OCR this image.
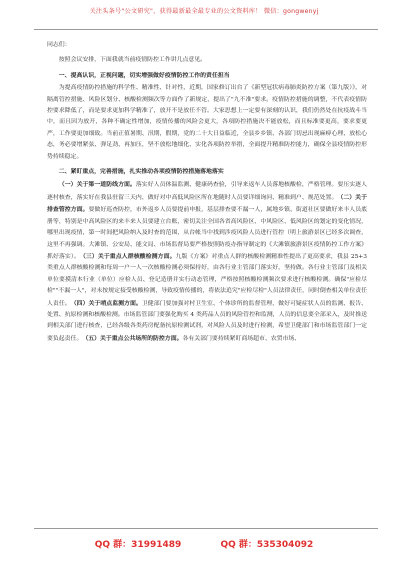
关注头条号"公文研究"，获得最新最全最专业的公文资料库！ 微信：gongwenyj

同志们：

按照会议安排，下面我就当前疫情防控工作讲几点意见。

一、提高认识，正视问题，切实增强做好疫情防控工作的责任担当

为提高疫情防控措施的科学性、精准性、针对性，近期，国家修订出台了《新型冠状病毒肺炎防控方案（第九版）》，对隔离管控措施、风险区划分、核酸检测频次等方面作了新规定，提出了"九不准"要求。疫情防控措施的调整，不代表疫情防控要求降低了，而是要求更加科学精准了，放开不是放任不管。大家思想上一定要有深刻的认识，我们仍然处在抗疫战斗当中，而且因为放开，各种不确定性增加，疫情传播的风险会更大，各项防控措施决不能放松，而且标准要更高，要求要更严，工作要更加细致。当前正值暑期、汛期，假期，党的二十大日益临近，全县乡乡镇、各部门切忌出现麻痹心理、放松心态，务必要增紧弦、弹足劲、再加压，坚不放松地细化、实化各项防控举措，全面提升精准防控能力，确保全县疫情防控形势持续稳定。

二、紧盯重点，完善措施，扎实推动各项疫情防控措施落地落实

（一）关于第一道防线方面。落实好人员体温监测、健康码查验，引导来返车人员落地核酸检，严格管理。要压实逐人逐村核查，落实好在我县驻留三天内，做好对中高低风险区所在地随时人员要详细询问、精准到户、规范处置。（二）关于排查管控方面。要做好巡查防控，市外返乡人员要提前申报，基层排查要不漏一人，属地乡镇、街道社区要做好来丰人员底册等，特别是中高风险区的来丰来人员要建立台账，密切关注全国各省高风险区、中风险区、低风险区的划定的变化情况，哪里出现疫情，第一时间把风险纳入及时查的范围，从台帐当中找到涉疫风险人员进行管控（明上旅游景区已经多次调查，这里不再强调。大滩镇、公安局、能文局、市场监督局要严格按照防疫办指导制定的《大滩镇旅游景区疫情防控工作方案》抓好落实）。（三）关于重点人群核酸检测方面。九版《方案》对重点人群的核酸检测精准性提出了更高要求，我县 25+3 类重点人群核酸检测和每周一户一人一次核酸检测必须保持好，由各行业主管部门落实好，坚持做。各行业主管部门及相关单位要摸清本行业（单位）应检人员、登记造册并实行动态管理，严格按照核酸检测频次要求进行核酸检测。确保"应检尽检""不漏一人"，对未按规定接受核酸检测，导致疫情传播的，将依法追究"应检尽检"人员法律责任，同时倒查相关单位责任人责任。（四）关于哨点监测方面。卫健部门要加强对村卫生室、个体诊所的监督管理，做好可疑症状人员的监测、报告、处置、抗原检测和核酸检测。市场监管部门要强化购买 4 类药品人员的风险管控和监测，人员的信息要全部采入，及时推送到相关部门进行核查，已经各级各类药房配备抗原检测试剂，对风险人员及时进行检测，希望卫健部门和市场监管部门一定要负起责任。（五）关于重点公共场所的防控方面。各有关部门要持续紧盯商场超市、农贸市场、

QQ 群：31991489	QQ 群：535304092
